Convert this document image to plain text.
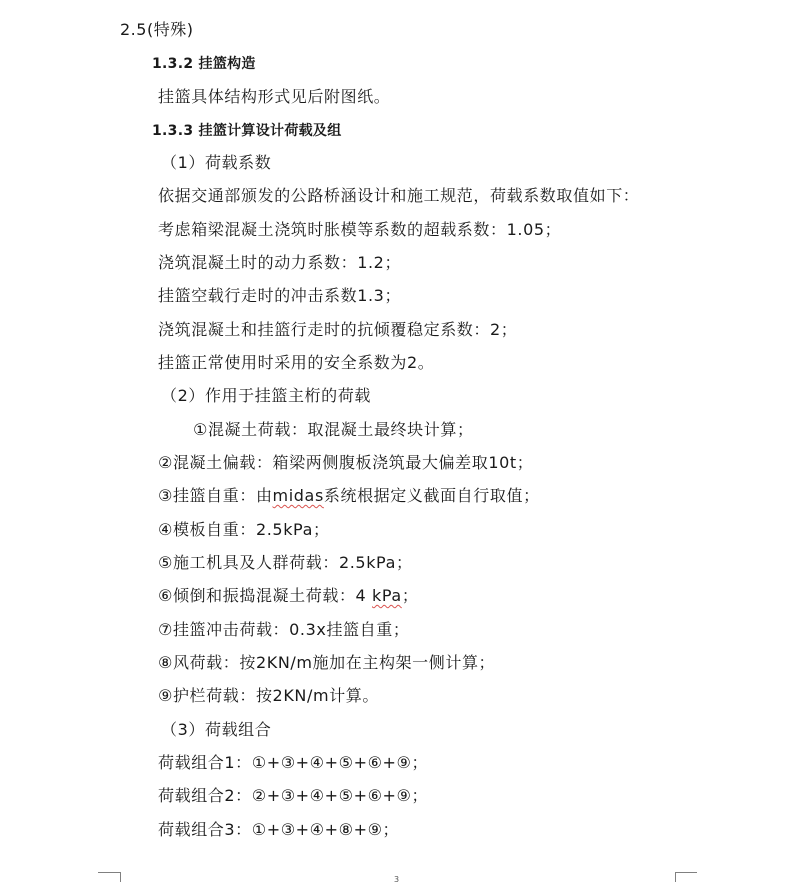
2.5(特殊)
1.3.2 挂篮构造
挂篮具体结构形式见后附图纸。
1.3.3 挂篮计算设计荷载及组
（1）荷载系数
依据交通部颁发的公路桥涵设计和施工规范，荷载系数取值如下：
考虑箱梁混凝土浇筑时胀模等系数的超载系数：1.05；
浇筑混凝土时的动力系数：1.2；
挂篮空载行走时的冲击系数1.3；
浇筑混凝土和挂篮行走时的抗倾覆稳定系数：2；
挂篮正常使用时采用的安全系数为2。
（2）作用于挂篮主桁的荷载
①混凝土荷载：取混凝土最终块计算；
②混凝土偏载：箱梁两侧腹板浇筑最大偏差取10t；
③挂篮自重：由midas系统根据定义截面自行取值；
④模板自重：2.5kPa；
⑤施工机具及人群荷载：2.5kPa；
⑥倾倒和振捣混凝土荷载：4 kPa；
⑦挂篮冲击荷载：0.3x挂篮自重；
⑧风荷载：按2KN/m施加在主构架一侧计算；
⑨护栏荷载：按2KN/m计算。
（3）荷载组合
荷载组合1：①+③+④+⑤+⑥+⑨；
荷载组合2：②+③+④+⑤+⑥+⑨；
荷载组合3：①+③+④+⑧+⑨；
3
